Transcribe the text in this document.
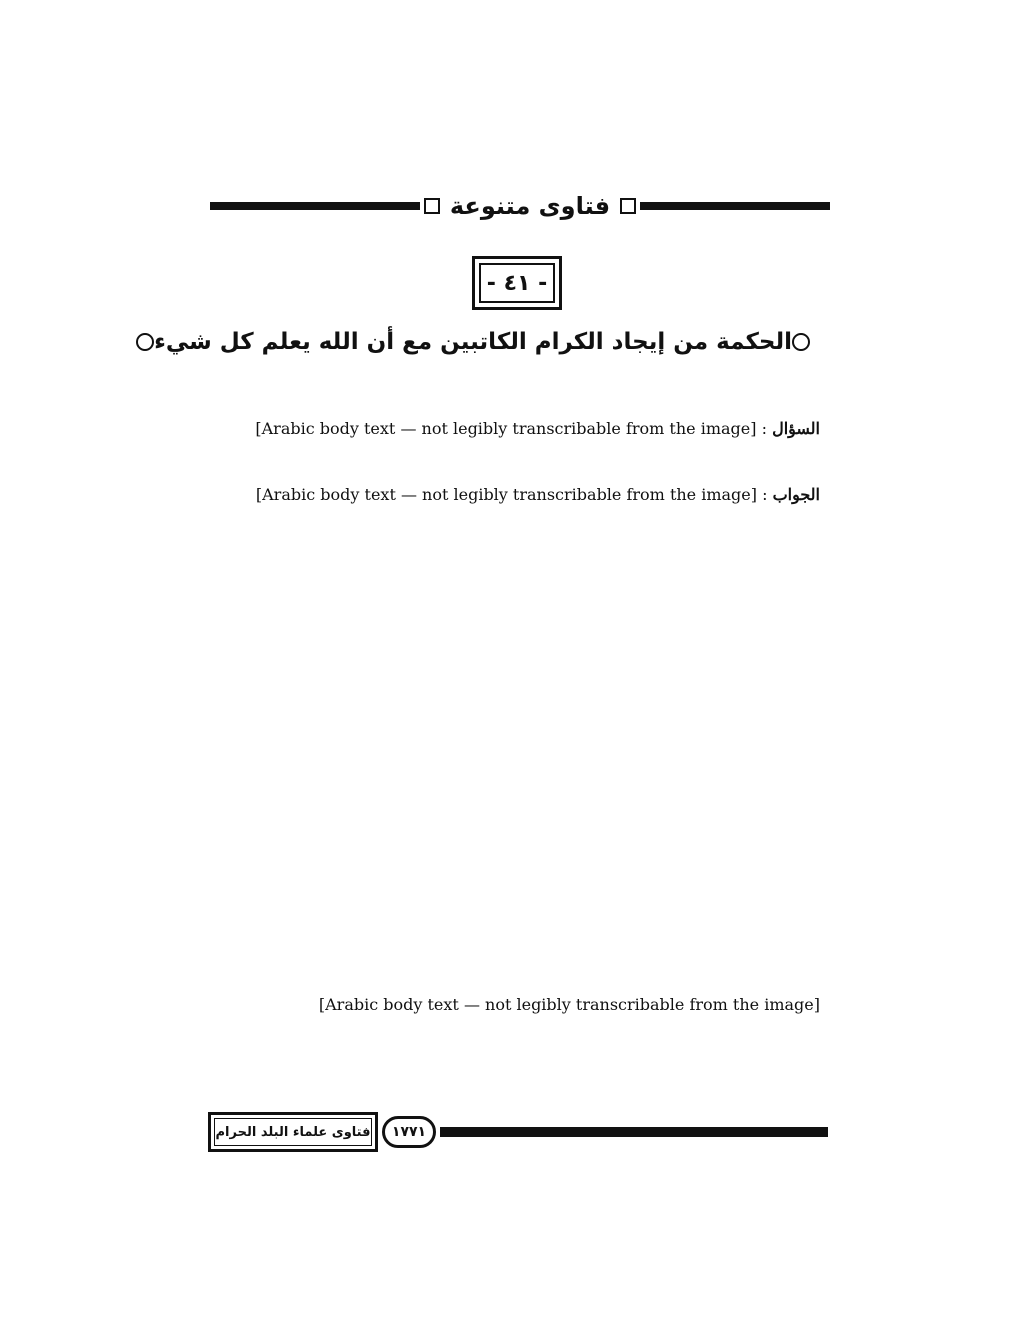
فتاوى متنوعة
- ٤١ -
الحكمة من إيجاد الكرام الكاتبين مع أن الله يعلم كل شيء
السؤال : [Arabic body text — not legibly transcribable from the image]
الجواب : [Arabic body text — not legibly transcribable from the image]
[Arabic body text — not legibly transcribable from the image]
فتاوى علماء البلد الحرام	١٧٧١
